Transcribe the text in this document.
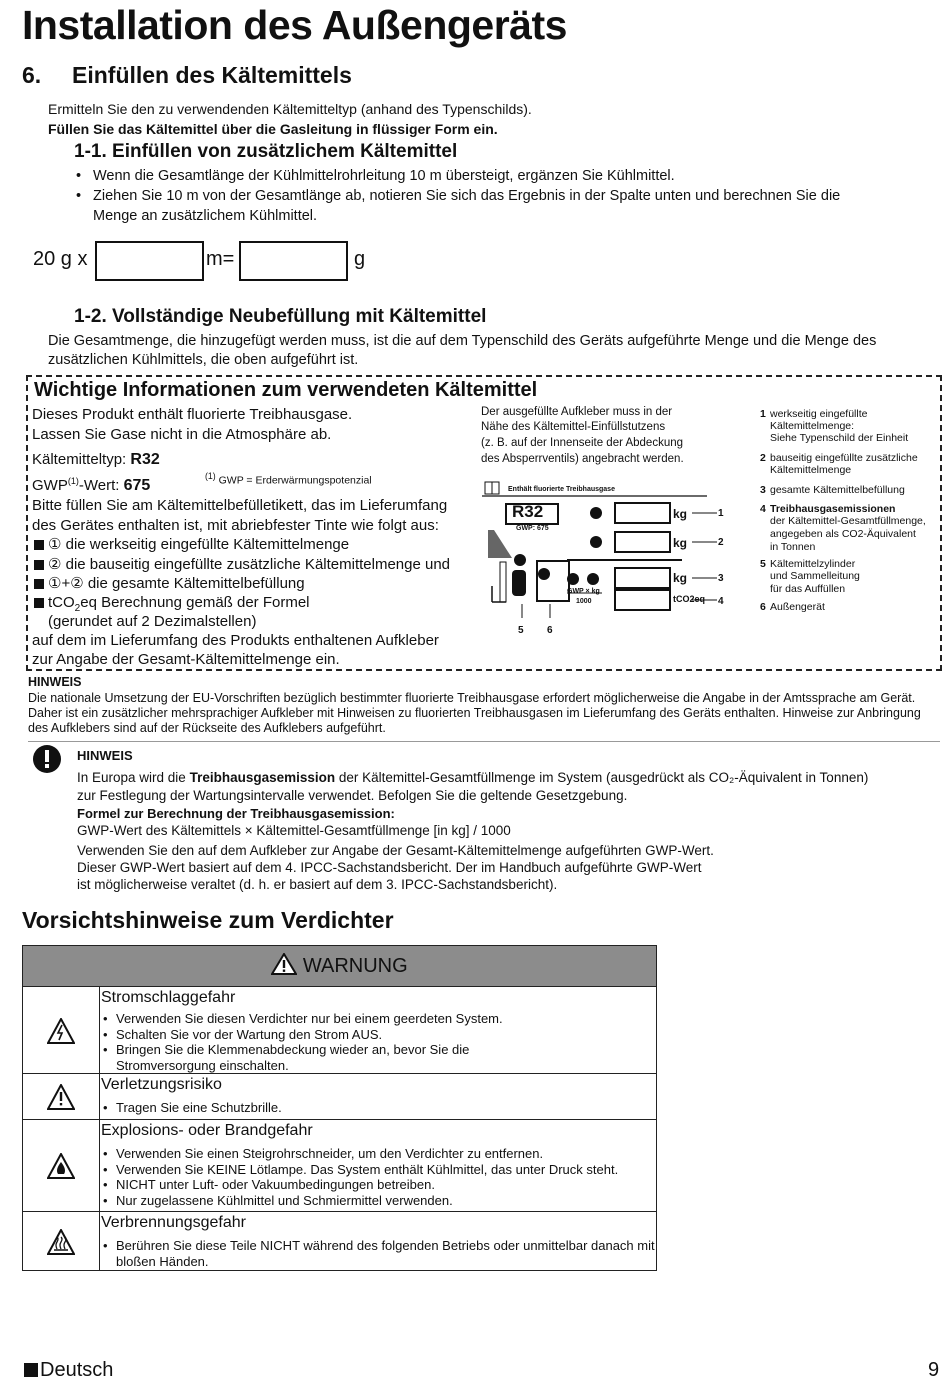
Installation des Außengeräts
6. Einfüllen des Kältemittels
Ermitteln Sie den zu verwendenden Kältemitteltyp (anhand des Typenschilds).
Füllen Sie das Kältemittel über die Gasleitung in flüssiger Form ein.
1-1. Einfüllen von zusätzlichem Kältemittel
• Wenn die Gesamtlänge der Kühlmittelrohrleitung 10 m übersteigt, ergänzen Sie Kühlmittel.
• Ziehen Sie 10 m von der Gesamtlänge ab, notieren Sie sich das Ergebnis in der Spalte unten und berechnen Sie die
Menge an zusätzlichem Kühlmittel.
20 g x	m=	g
1-2. Vollständige Neubefüllung mit Kältemittel
Die Gesamtmenge, die hinzugefügt werden muss, ist die auf dem Typenschild des Geräts aufgeführte Menge und die Menge des
zusätzlichen Kühlmittels, die oben aufgeführt ist.
Wichtige Informationen zum verwendeten Kältemittel
Dieses Produkt enthält fluorierte Treibhausgase.
Lassen Sie Gase nicht in die Atmosphäre ab.
Kältemitteltyp: R32
GWP$^{(1)}$-Wert: 675
$^{(1)}$ GWP = Erderwärmungspotenzial
Bitte füllen Sie am Kältemittelbefülletikett, das im Lieferumfang
des Gerätes enthalten ist, mit abriebfester Tinte wie folgt aus:
① die werkseitig eingefüllte Kältemittelmenge
② die bauseitig eingefüllte zusätzliche Kältemittelmenge und
①+② die gesamte Kältemittelbefüllung
tCO$_2$eq Berechnung gemäß der Formel
(gerundet auf 2 Dezimalstellen)
auf dem im Lieferumfang des Produkts enthaltenen Aufkleber
zur Angabe der Gesamt-Kältemittelmenge ein.
Der ausgefüllte Aufkleber muss in der
Nähe des Kältemittel-Einfüllstutzens
(z. B. auf der Innenseite der Abdeckung
des Absperrventils) angebracht werden.
Enthält fluorierte Treibhausgase
R32
GWP: 675
GWP × kg
1000
kg
kg
kg
tCO2eq
1
2
3
4
5 6
1 werkseitig eingefüllte
Kältemittelmenge:
Siehe Typenschild der Einheit
2 bauseitig eingefüllte zusätzliche
Kältemittelmenge
3 gesamte Kältemittelbefüllung
4 Treibhausgasemissionen
der Kältemittel-Gesamtfüllmenge,
angegeben als CO2-Äquivalent
in Tonnen
5 Kältemittelzylinder
und Sammelleitung
für das Auffüllen
6 Außengerät
HINWEIS
Die nationale Umsetzung der EU-Vorschriften bezüglich bestimmter fluorierte Treibhausgase erfordert möglicherweise die Angabe in der Amtssprache am Gerät.
Daher ist ein zusätzlicher mehrsprachiger Aufkleber mit Hinweisen zu fluorierten Treibhausgasen im Lieferumfang des Geräts enthalten. Hinweise zur Anbringung
des Aufklebers sind auf der Rückseite des Aufklebers aufgeführt.
HINWEIS
In Europa wird die Treibhausgasemission der Kältemittel-Gesamtfüllmenge im System (ausgedrückt als CO₂-Äquivalent in Tonnen)
zur Festlegung der Wartungsintervalle verwendet. Befolgen Sie die geltende Gesetzgebung.
Formel zur Berechnung der Treibhausgasemission:
GWP-Wert des Kältemittels × Kältemittel-Gesamtfüllmenge [in kg] / 1000
Verwenden Sie den auf dem Aufkleber zur Angabe der Gesamt-Kältemittelmenge aufgeführten GWP-Wert.
Dieser GWP-Wert basiert auf dem 4. IPCC-Sachstandsbericht. Der im Handbuch aufgeführte GWP-Wert
ist möglicherweise veraltet (d. h. er basiert auf dem 3. IPCC-Sachstandsbericht).
Vorsichtshinweise zum Verdichter
WARNUNG
Stromschlaggefahr
• Verwenden Sie diesen Verdichter nur bei einem geerdeten System.
• Schalten Sie vor der Wartung den Strom AUS.
• Bringen Sie die Klemmenabdeckung wieder an, bevor Sie die Stromversorgung einschalten.
Verletzungsrisiko
• Tragen Sie eine Schutzbrille.
Explosions- oder Brandgefahr
• Verwenden Sie einen Steigrohrschneider, um den Verdichter zu entfernen.
• Verwenden Sie KEINE Lötlampe. Das System enthält Kühlmittel, das unter Druck steht.
• NICHT unter Luft- oder Vakuumbedingungen betreiben.
• Nur zugelassene Kühlmittel und Schmiermittel verwenden.
Verbrennungsgefahr
• Berühren Sie diese Teile NICHT während des folgenden Betriebs oder unmittelbar danach mit bloßen Händen.
Deutsch	9
